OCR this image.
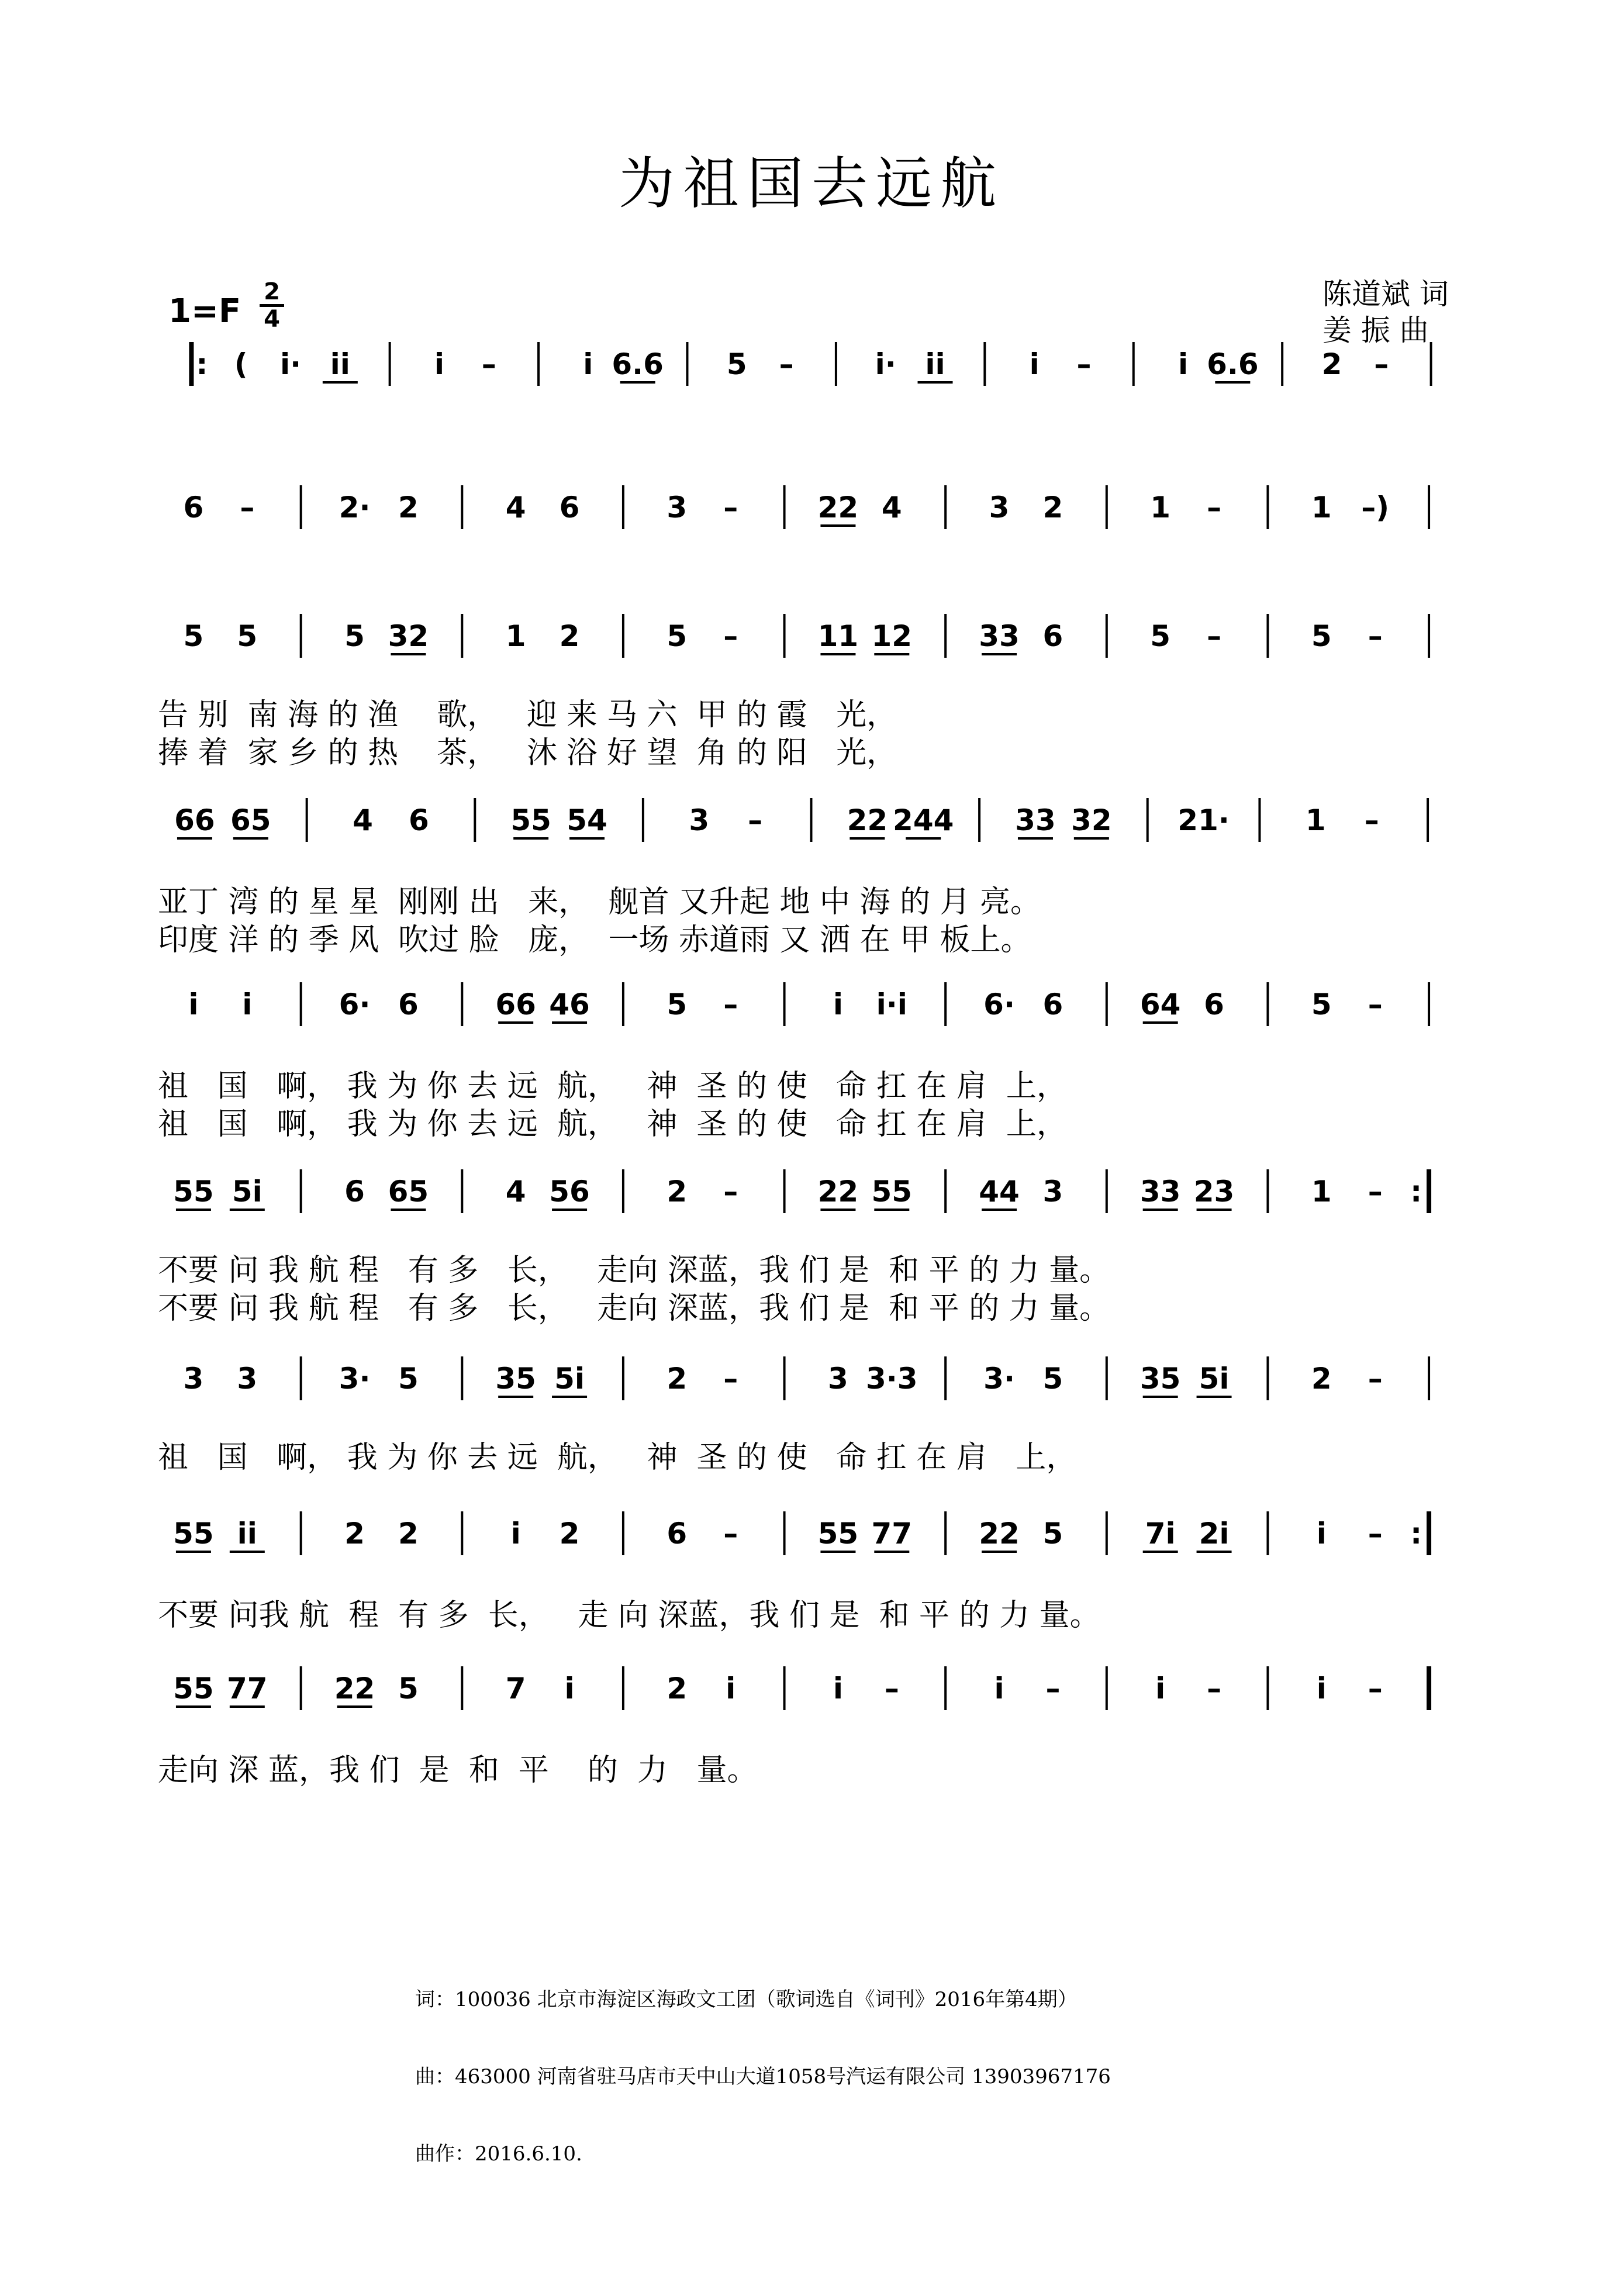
为祖国去远航
1=F
2
4
陈道斌 词
姜 振 曲
: ( i· ii	i –	i 6.6 5 –	i· ii	i –	i 6.6 2 –
6 –	2· 2	4 6	3 –	22 4	3 2	1 –	1 –)
5 5	5 32	1 2	5 –	11 12 33 6	5 –	5 –
66 65	4 6	55 54	3 –	22 244 33 32 21·	1 –
i i	6· 6	66 46	5 –	i i·i	6· 6	64 6	5 –
55 5i	6 65	4 56	2 –	22 55 44 3	33 23	1 – :
3 3	3· 5	35 5i	2 –	3 3·3 3· 5	35 5i	2 –
55 ii	2 2	i 2	6 –	55 77 22 5	7i 2i	i – :
55 77 22 5	7 i	2 i	i –	i –	i –	i –
告 别  南 海 的 渔    歌，   迎 来 马 六  甲 的 霞   光，
捧 着  家 乡 的 热    茶，   沐 浴 好 望  角 的 阳   光，
亚丁 湾 的 星 星  刚刚 出   来，  舰首 又升起 地 中 海 的 月 亮。
印度 洋 的 季 风  吹过 脸   庞，  一场 赤道雨 又 洒 在 甲 板上。
祖   国   啊， 我 为 你 去 远  航，   神  圣 的 使   命 扛 在 肩  上，
祖   国   啊， 我 为 你 去 远  航，   神  圣 的 使   命 扛 在 肩  上，
不要 问 我 航 程   有 多   长，   走向 深蓝，我 们 是  和 平 的 力 量。
不要 问 我 航 程   有 多   长，   走向 深蓝，我 们 是  和 平 的 力 量。
祖   国   啊， 我 为 你 去 远  航，   神  圣 的 使   命 扛 在 肩   上，
不要 问我 航  程  有 多  长，   走 向 深蓝，我 们 是  和 平 的 力 量。
走向 深 蓝，我 们  是  和  平    的  力   量。

词：100036 北京市海淀区海政文工团（歌词选自《词刊》2016年第4期）

曲：463000 河南省驻马店市天中山大道1058号汽运有限公司 13903967176

曲作：2016.6.10.
